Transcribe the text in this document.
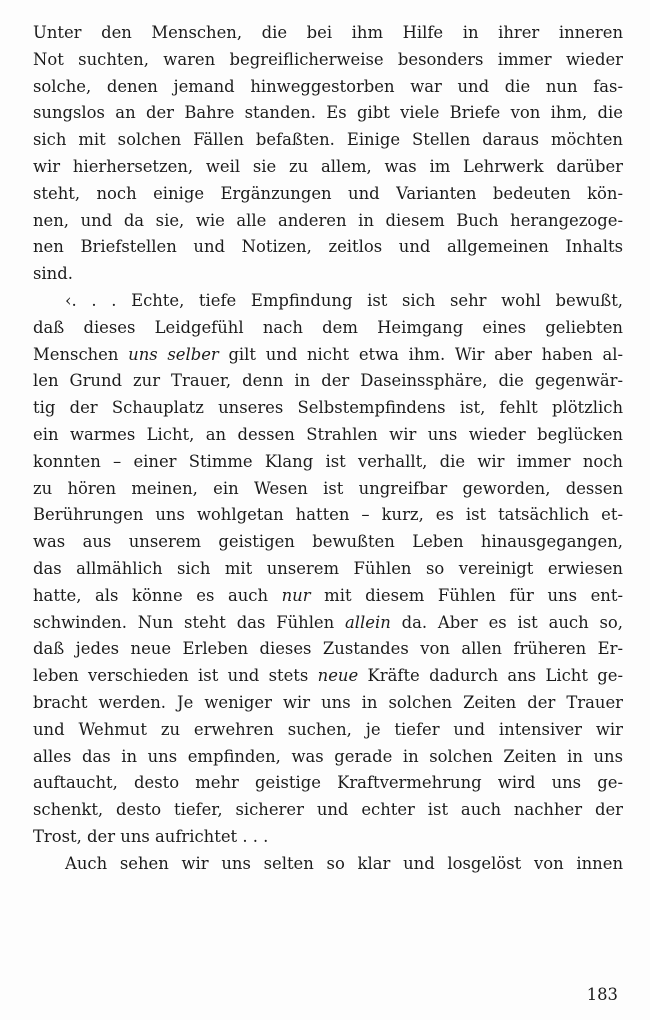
Unter den Menschen, die bei ihm Hilfe in ihrer inneren
Not suchten, waren begreiflicherweise besonders immer wieder
solche, denen jemand hinweggestorben war und die nun fas-
sungslos an der Bahre standen. Es gibt viele Briefe von ihm, die
sich mit solchen Fällen befaßten. Einige Stellen daraus möchten
wir hierhersetzen, weil sie zu allem, was im Lehrwerk darüber
steht, noch einige Ergänzungen und Varianten bedeuten kön-
nen, und da sie, wie alle anderen in diesem Buch herangezoge-
nen Briefstellen und Notizen, zeitlos und allgemeinen Inhalts
sind.
‹. . . Echte, tiefe Empfindung ist sich sehr wohl bewußt,
daß dieses Leidgefühl nach dem Heimgang eines geliebten
Menschen uns selber gilt und nicht etwa ihm. Wir aber haben al-
len Grund zur Trauer, denn in der Daseinssphäre, die gegenwär-
tig der Schauplatz unseres Selbstempfindens ist, fehlt plötzlich
ein warmes Licht, an dessen Strahlen wir uns wieder beglücken
konnten – einer Stimme Klang ist verhallt, die wir immer noch
zu hören meinen, ein Wesen ist ungreifbar geworden, dessen
Berührungen uns wohlgetan hatten – kurz, es ist tatsächlich et-
was aus unserem geistigen bewußten Leben hinausgegangen,
das allmählich sich mit unserem Fühlen so vereinigt erwiesen
hatte, als könne es auch nur mit diesem Fühlen für uns ent-
schwinden. Nun steht das Fühlen allein da. Aber es ist auch so,
daß jedes neue Erleben dieses Zustandes von allen früheren Er-
leben verschieden ist und stets neue Kräfte dadurch ans Licht ge-
bracht werden. Je weniger wir uns in solchen Zeiten der Trauer
und Wehmut zu erwehren suchen, je tiefer und intensiver wir
alles das in uns empfinden, was gerade in solchen Zeiten in uns
auftaucht, desto mehr geistige Kraftvermehrung wird uns ge-
schenkt, desto tiefer, sicherer und echter ist auch nachher der
Trost, der uns aufrichtet . . .
Auch sehen wir uns selten so klar und losgelöst von innen
183
